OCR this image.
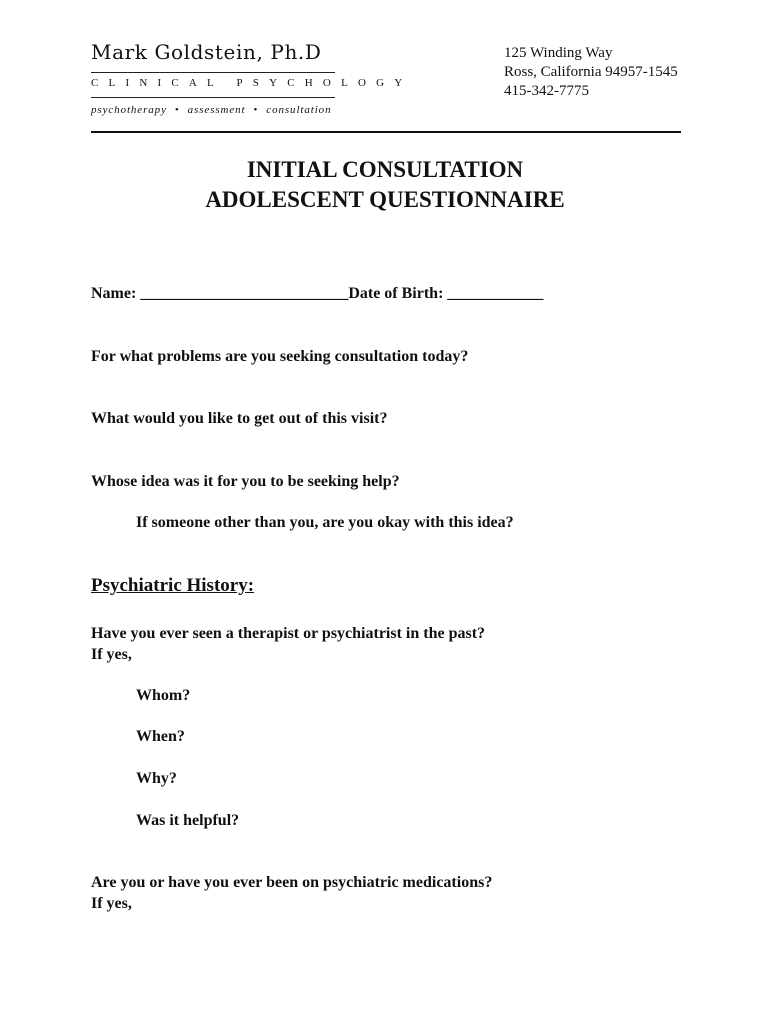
Mark Goldstein, Ph.D
CLINICAL PSYCHOLOGY
psychotherapy • assessment • consultation
125 Winding Way
Ross, California 94957-1545
415-342-7775
INITIAL CONSULTATION
ADOLESCENT QUESTIONNAIRE
Name: __________________________Date of Birth: ____________
For what problems are you seeking consultation today?
What would you like to get out of this visit?
Whose idea was it for you to be seeking help?
If someone other than you, are you okay with this idea?
Psychiatric History:
Have you ever seen a therapist or psychiatrist in the past?
If yes,
Whom?
When?
Why?
Was it helpful?
Are you or have you ever been on psychiatric medications?
If yes,
